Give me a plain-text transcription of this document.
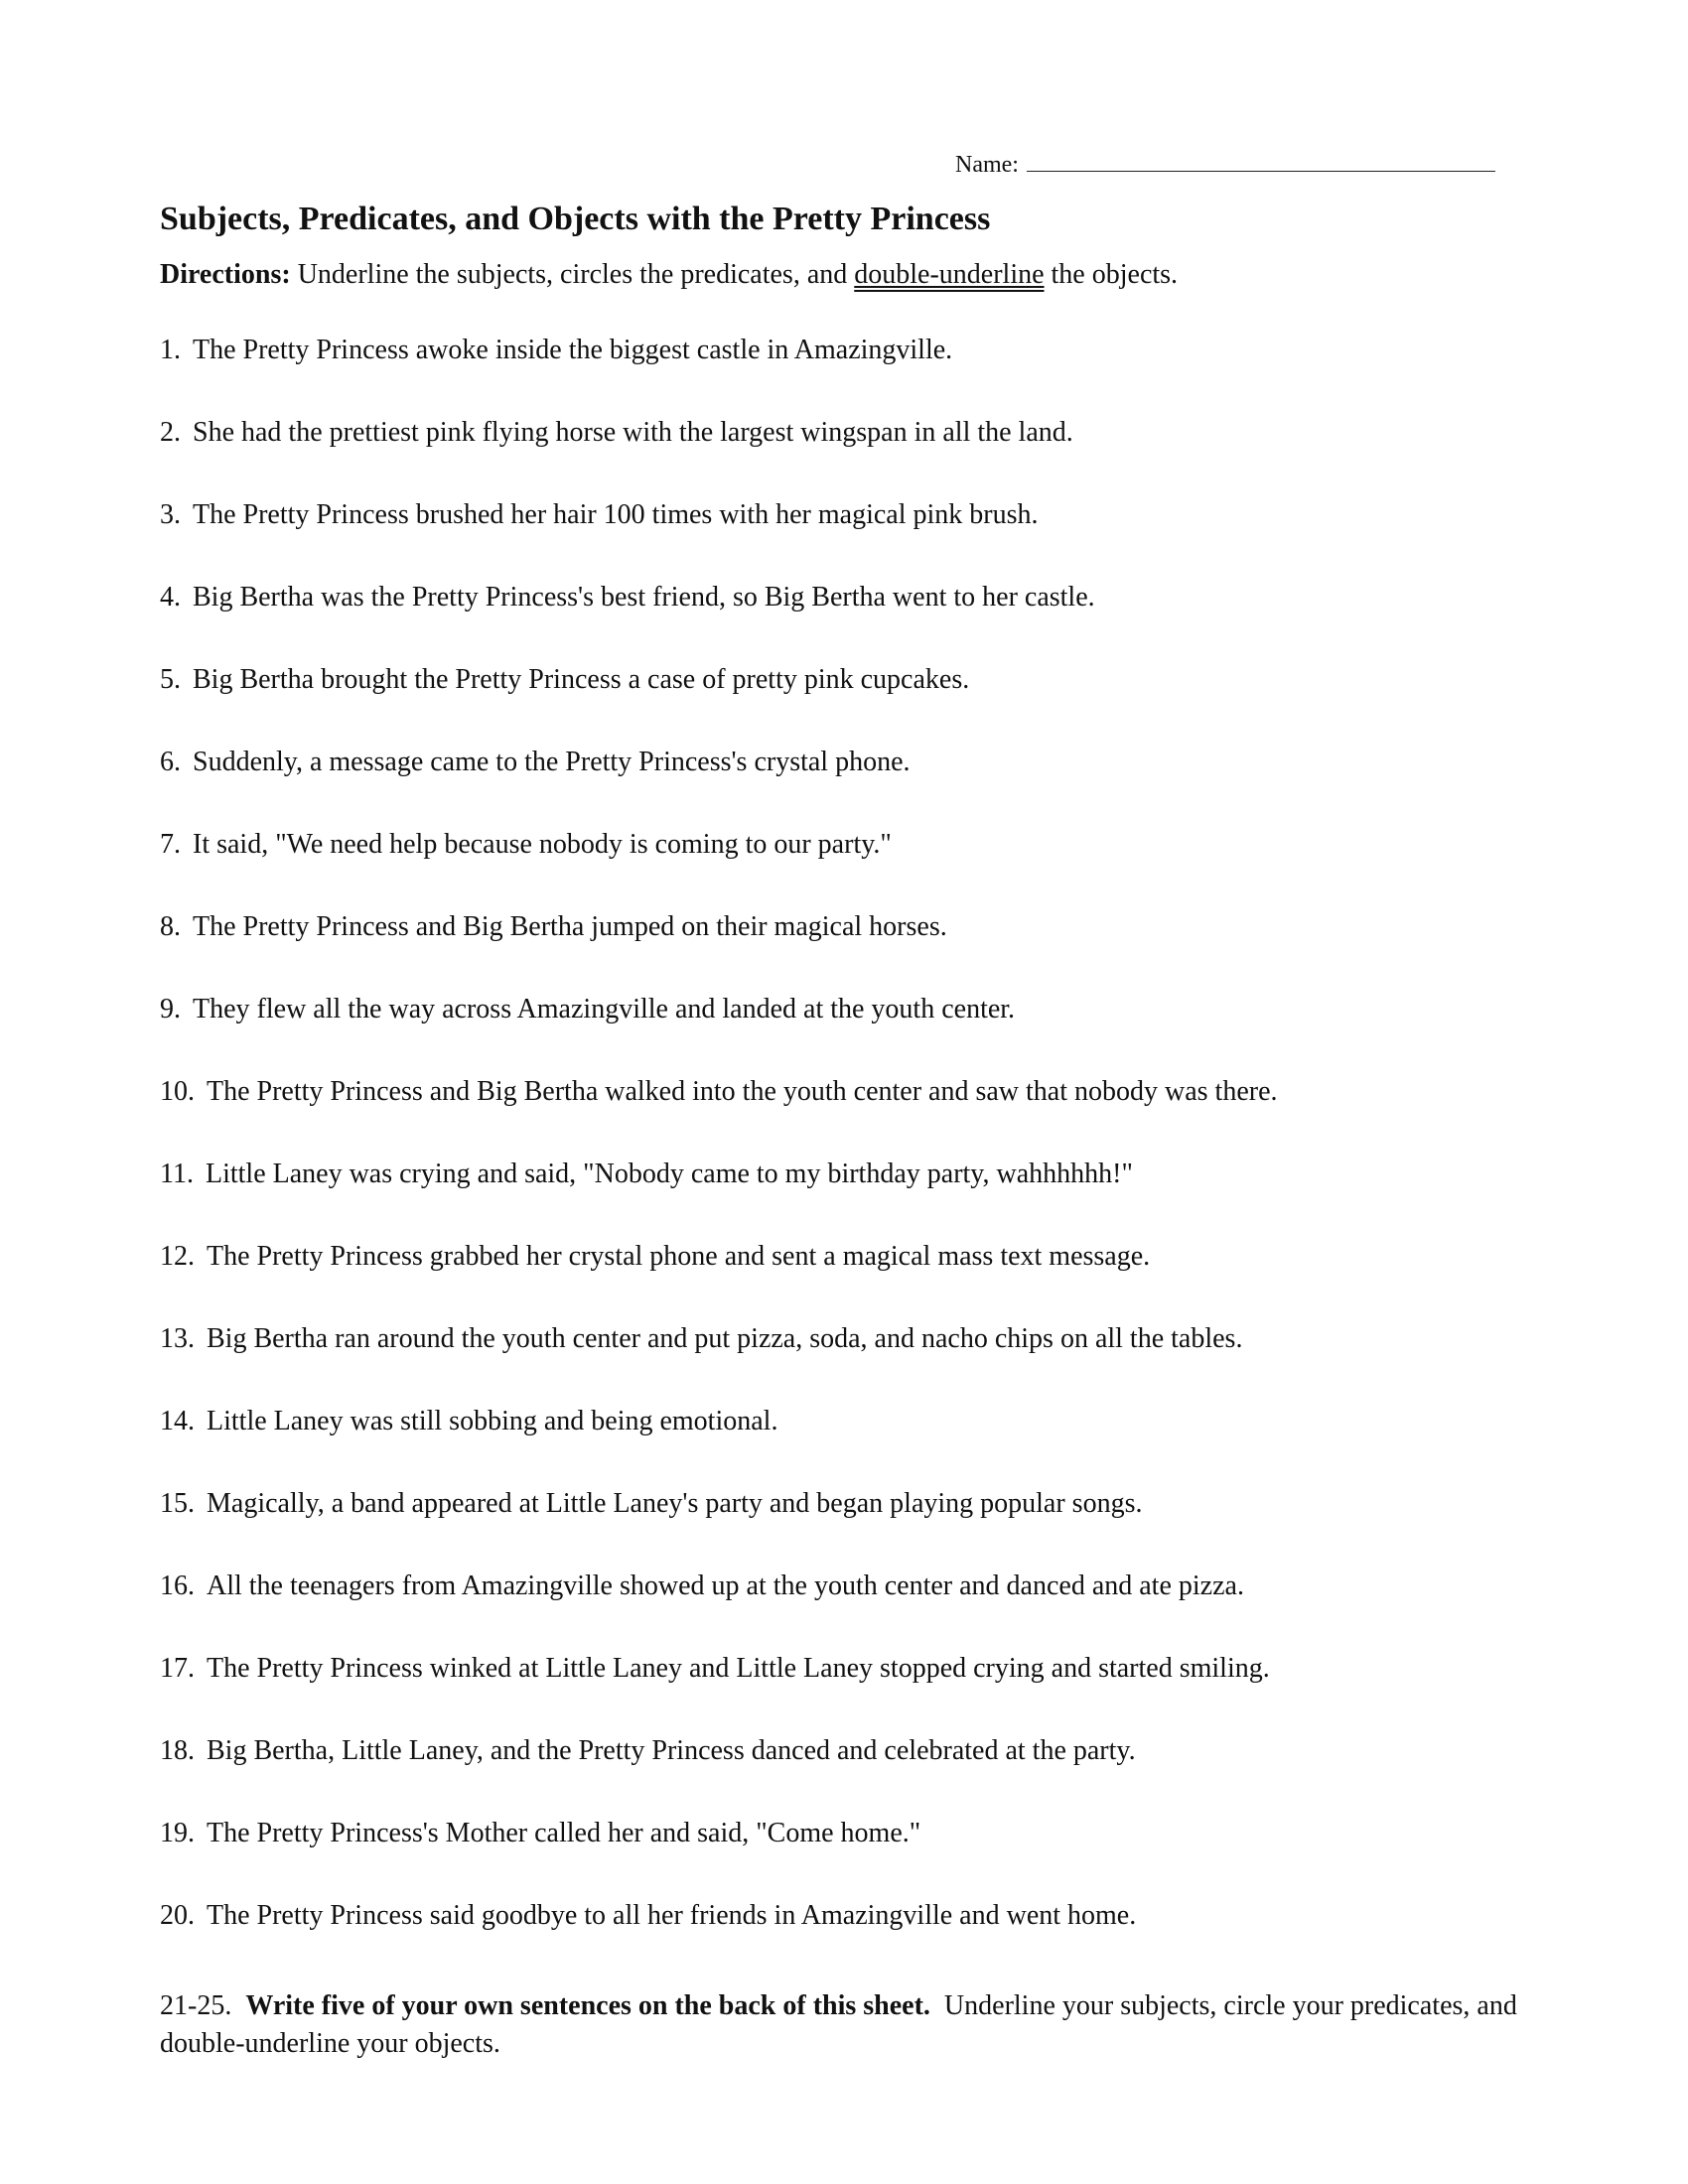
Name:
Subjects, Predicates, and Objects with the Pretty Princess

Directions: Underline the subjects, circles the predicates, and double-underline the objects.

1. The Pretty Princess awoke inside the biggest castle in Amazingville.
2. She had the prettiest pink flying horse with the largest wingspan in all the land.
3. The Pretty Princess brushed her hair 100 times with her magical pink brush.
4. Big Bertha was the Pretty Princess's best friend, so Big Bertha went to her castle.
5. Big Bertha brought the Pretty Princess a case of pretty pink cupcakes.
6. Suddenly, a message came to the Pretty Princess's crystal phone.
7. It said, "We need help because nobody is coming to our party."
8. The Pretty Princess and Big Bertha jumped on their magical horses.
9. They flew all the way across Amazingville and landed at the youth center.
10. The Pretty Princess and Big Bertha walked into the youth center and saw that nobody was there.
11. Little Laney was crying and said, "Nobody came to my birthday party, wahhhhhh!"
12. The Pretty Princess grabbed her crystal phone and sent a magical mass text message.
13. Big Bertha ran around the youth center and put pizza, soda, and nacho chips on all the tables.
14. Little Laney was still sobbing and being emotional.
15. Magically, a band appeared at Little Laney's party and began playing popular songs.
16. All the teenagers from Amazingville showed up at the youth center and danced and ate pizza.
17. The Pretty Princess winked at Little Laney and Little Laney stopped crying and started smiling.
18. Big Bertha, Little Laney, and the Pretty Princess danced and celebrated at the party.
19. The Pretty Princess's Mother called her and said, "Come home."
20. The Pretty Princess said goodbye to all her friends in Amazingville and went home.

21-25. Write five of your own sentences on the back of this sheet. Underline your subjects, circle your predicates, and double-underline your objects.
